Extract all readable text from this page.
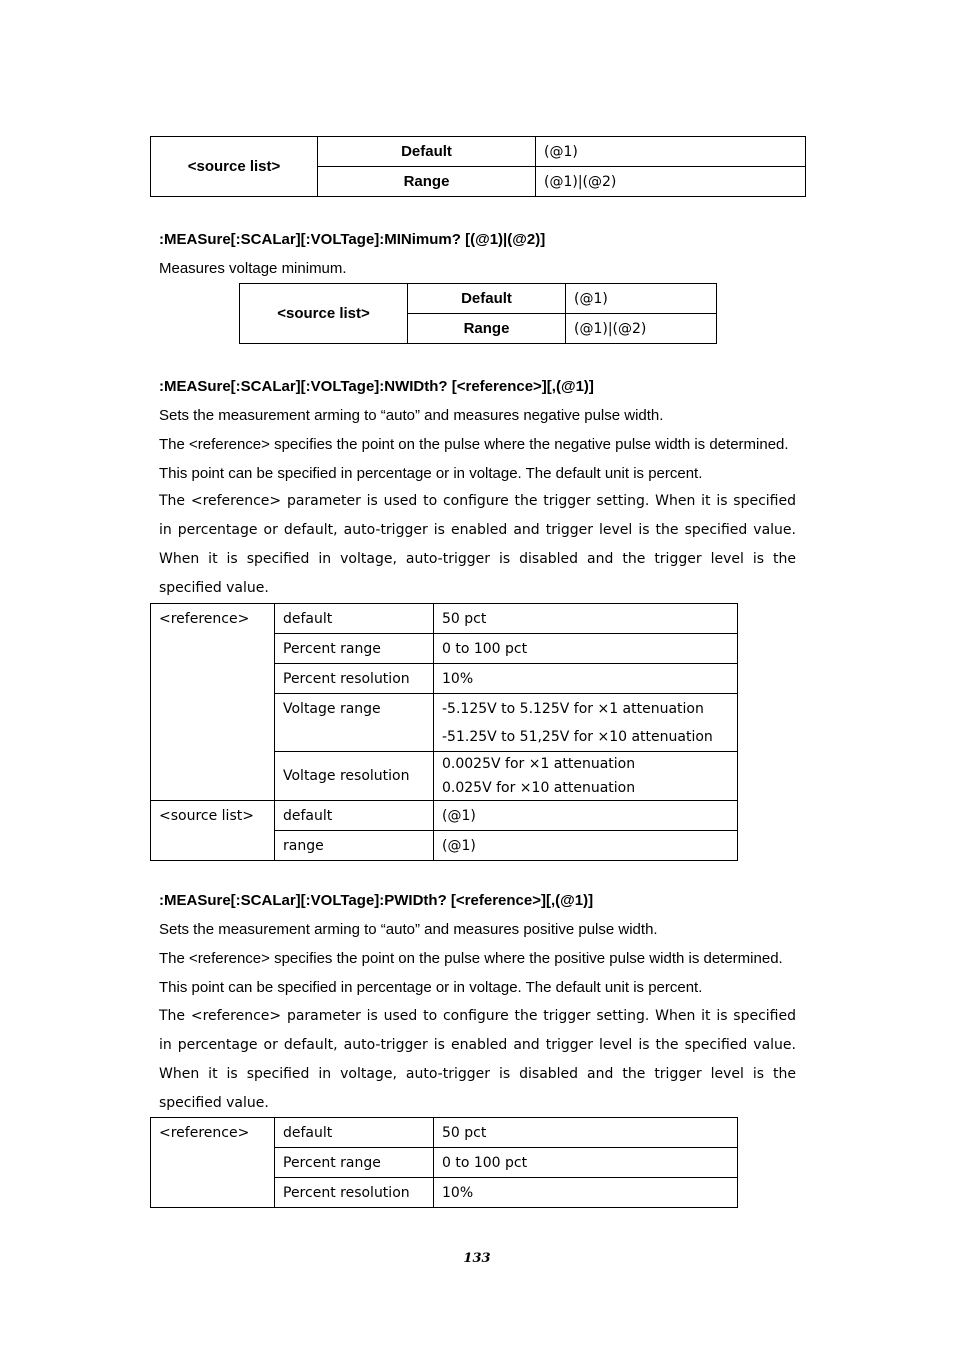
<source list>	Default	(@1)
	Range	(@1)|(@2)
:MEASure[:SCALar][:VOLTage]:MINimum? [(@1)|(@2)]
Measures voltage minimum.
<source list>	Default	(@1)
	Range	(@1)|(@2)
:MEASure[:SCALar][:VOLTage]:NWIDth? [<reference>][,(@1)]
Sets the measurement arming to “auto” and measures negative pulse width.
The <reference> specifies the point on the pulse where the negative pulse width is determined.
This point can be specified in percentage or in voltage. The default unit is percent.
The <reference> parameter is used to configure the trigger setting. When it is specified
in percentage or default, auto-trigger is enabled and trigger level is the specified value.
When it is specified in voltage, auto-trigger is disabled and the trigger level is the
specified value.
<reference>	default	50 pct
	Percent range	0 to 100 pct
	Percent resolution	10%
	Voltage range	-5.125V to 5.125V for ×1 attenuation
-51.25V to 51,25V for ×10 attenuation

	Voltage resolution	0.0025V for ×1 attenuation
0.025V for ×10 attenuation

<source list>	default	(@1)
	range	(@1)
:MEASure[:SCALar][:VOLTage]:PWIDth? [<reference>][,(@1)]
Sets the measurement arming to “auto” and measures positive pulse width.
The <reference> specifies the point on the pulse where the positive pulse width is determined.
This point can be specified in percentage or in voltage. The default unit is percent.
The <reference> parameter is used to configure the trigger setting. When it is specified
in percentage or default, auto-trigger is enabled and trigger level is the specified value.
When it is specified in voltage, auto-trigger is disabled and the trigger level is the
specified value.
<reference>	default	50 pct
	Percent range	0 to 100 pct
	Percent resolution	10%
133
